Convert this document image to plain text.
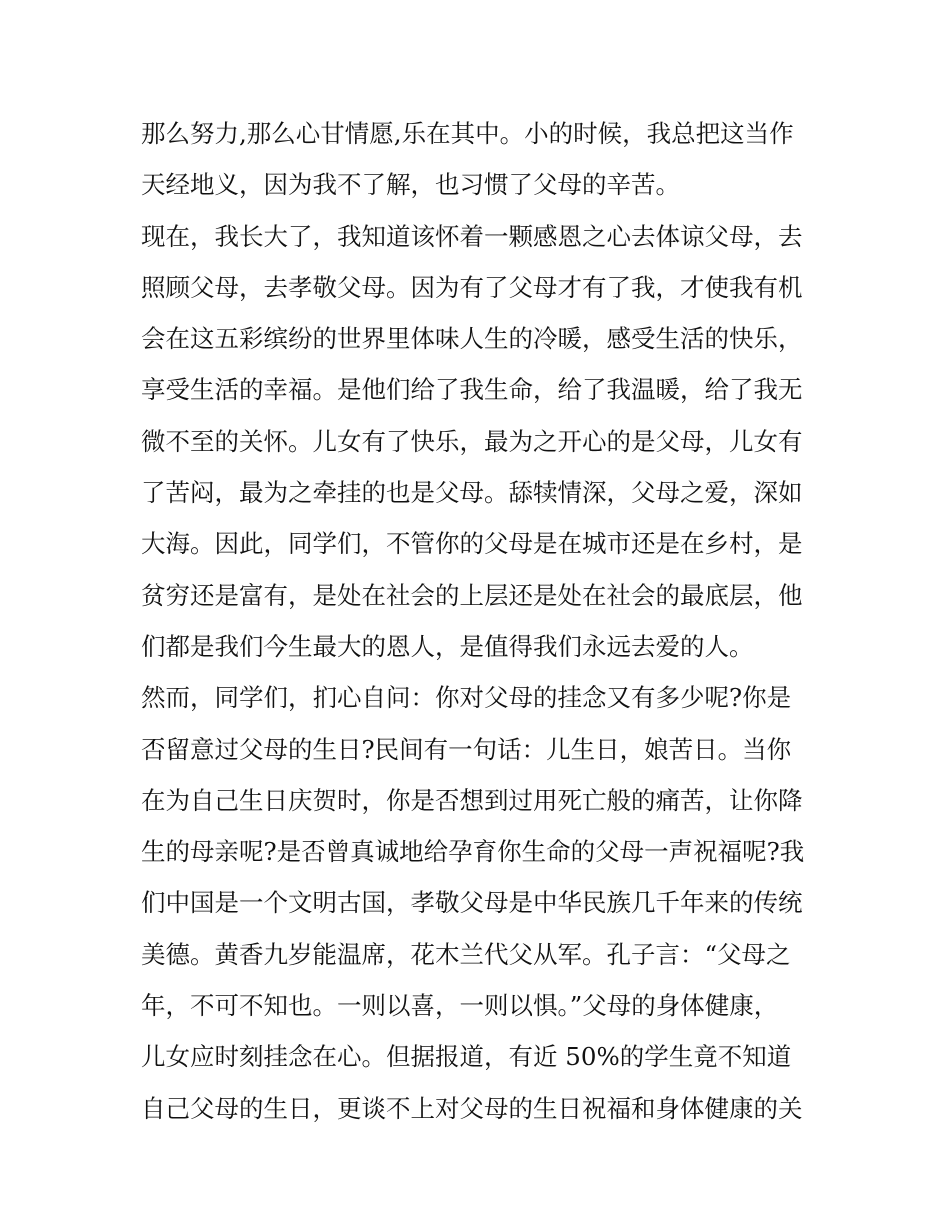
那么努力,那么心甘情愿,乐在其中。小的时候，我总把这当作
天经地义，因为我不了解，也习惯了父母的辛苦。
现在，我长大了，我知道该怀着一颗感恩之心去体谅父母，去
照顾父母，去孝敬父母。因为有了父母才有了我，才使我有机
会在这五彩缤纷的世界里体味人生的冷暖，感受生活的快乐，
享受生活的幸福。是他们给了我生命，给了我温暖，给了我无
微不至的关怀。儿女有了快乐，最为之开心的是父母，儿女有
了苦闷，最为之牵挂的也是父母。舔犊情深，父母之爱，深如
大海。因此，同学们，不管你的父母是在城市还是在乡村，是
贫穷还是富有，是处在社会的上层还是处在社会的最底层，他
们都是我们今生最大的恩人，是值得我们永远去爱的人。
然而，同学们，扪心自问：你对父母的挂念又有多少呢?你是
否留意过父母的生日?民间有一句话：儿生日，娘苦日。当你
在为自己生日庆贺时，你是否想到过用死亡般的痛苦，让你降
生的母亲呢?是否曾真诚地给孕育你生命的父母一声祝福呢?我
们中国是一个文明古国，孝敬父母是中华民族几千年来的传统
美德。黄香九岁能温席，花木兰代父从军。孔子言：“父母之
年，不可不知也。一则以喜，一则以惧。”父母的身体健康，
儿女应时刻挂念在心。但据报道，有近 50%的学生竟不知道
自己父母的生日，更谈不上对父母的生日祝福和身体健康的关
